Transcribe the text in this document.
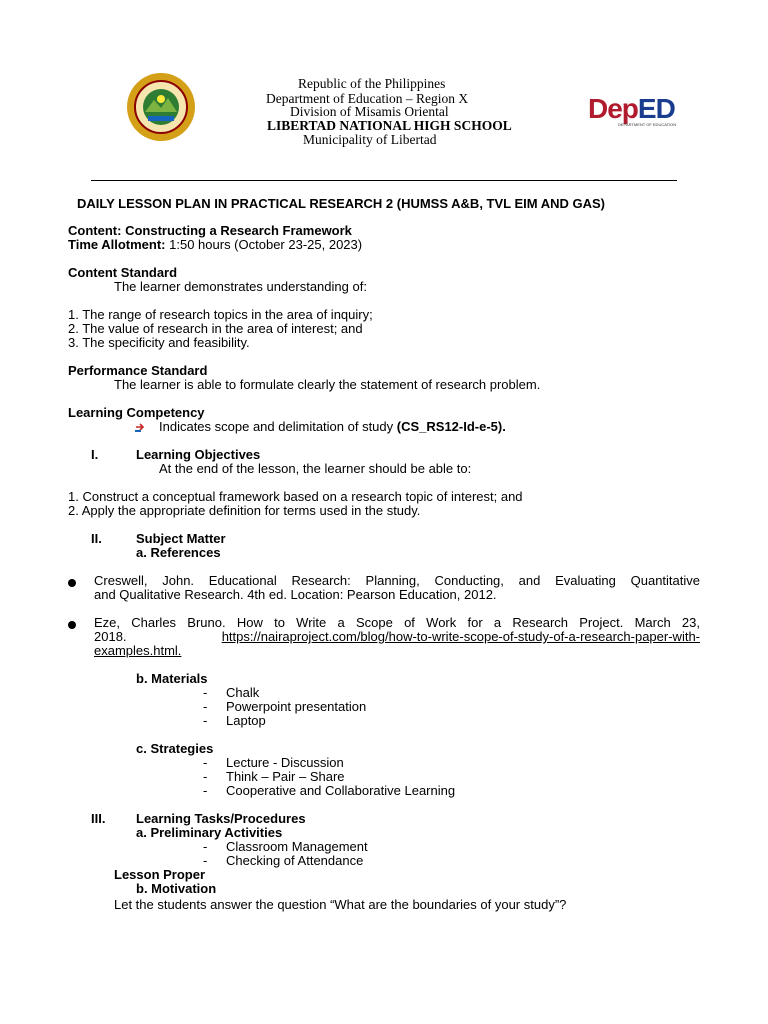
Republic of the Philippines
Department of Education – Region X
Division of Misamis Oriental
LIBERTAD NATIONAL HIGH SCHOOL
Municipality of Libertad
DepED
DEPARTMENT OF EDUCATION
DAILY LESSON PLAN IN PRACTICAL RESEARCH 2 (HUMSS A&B, TVL EIM AND GAS)
Content: Constructing a Research Framework
Time Allotment: 1:50 hours (October 23-25, 2023)
Content Standard
The learner demonstrates understanding of:
1. The range of research topics in the area of inquiry;
2. The value of research in the area of interest; and
3. The specificity and feasibility.
Performance Standard
The learner is able to formulate clearly the statement of research problem.
Learning Competency
Indicates scope and delimitation of study (CS_RS12-Id-e-5).
I.	Learning Objectives
At the end of the lesson, the learner should be able to:
1. Construct a conceptual framework based on a research topic of interest; and
2. Apply the appropriate definition for terms used in the study.
II.	Subject Matter
a. References
Creswell, John. Educational Research: Planning, Conducting, and Evaluating Quantitative
and Qualitative Research. 4th ed. Location: Pearson Education, 2012.
Eze, Charles Bruno. How to Write a Scope of Work for a Research Project. March 23,
2018.	https://nairaproject.com/blog/how-to-write-scope-of-study-of-a-research-paper-with-
examples.html.
b. Materials
- Chalk
- Powerpoint presentation
- Laptop
c. Strategies
- Lecture - Discussion
- Think – Pair – Share
- Cooperative and Collaborative Learning
III. Learning Tasks/Procedures
a. Preliminary Activities
- Classroom Management
- Checking of Attendance
Lesson Proper
b. Motivation
Let the students answer the question “What are the boundaries of your study”?
